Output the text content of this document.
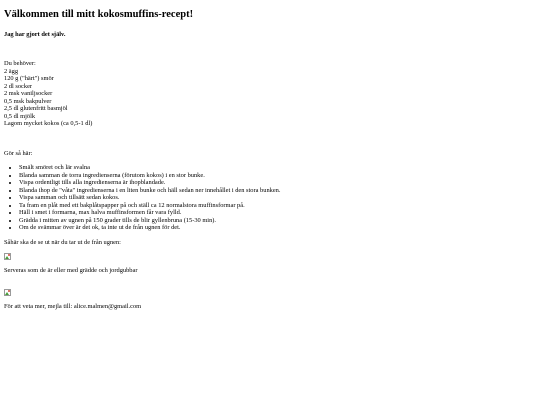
Välkommen till mitt kokosmuffins-recept!
Jag har gjort det själv.
Du behöver:
2 ägg
120 g ("härt") smör
2 dl socker
2 msk vaniljsocker
0,5 msk bakpulver
2,5 dl glutenfritt basmjöl
0,5 dl mjölk
Lagom mycket kokos (ca 0,5-1 dl)

Gör så här:

• Smält smöret och lär svalna
• Blanda samman de torra ingredienserna (förutom kokos) i en stor bunke.
• Vispa ordentligt tills alla ingredienserna är ihopblandade.
• Blanda ihop de "våta" ingredienserna i en liten bunke och häll sedan ner innehållet i den stora bunken.
• Vispa samman och tillsätt sedan kokos.
• Ta fram en plåt med ett bakplåtspapper på och ställ ca 12 normalstora muffinsformar på.
• Häll i smet i formarna, max halva muffinsformen får vara fylld.
• Grädda i mitten av ugnen på 150 grader tills de blir gyllenbruna (15-30 min).
• Om de svämmar över är det ok, ta inte ut de från ugnen för det.

Såhär ska de se ut när du tar ut de från ugnen:

Serveras som de är eller med grädde och jordgubbar

För att veta mer, mejla till: alice.malmen@gmail.com
